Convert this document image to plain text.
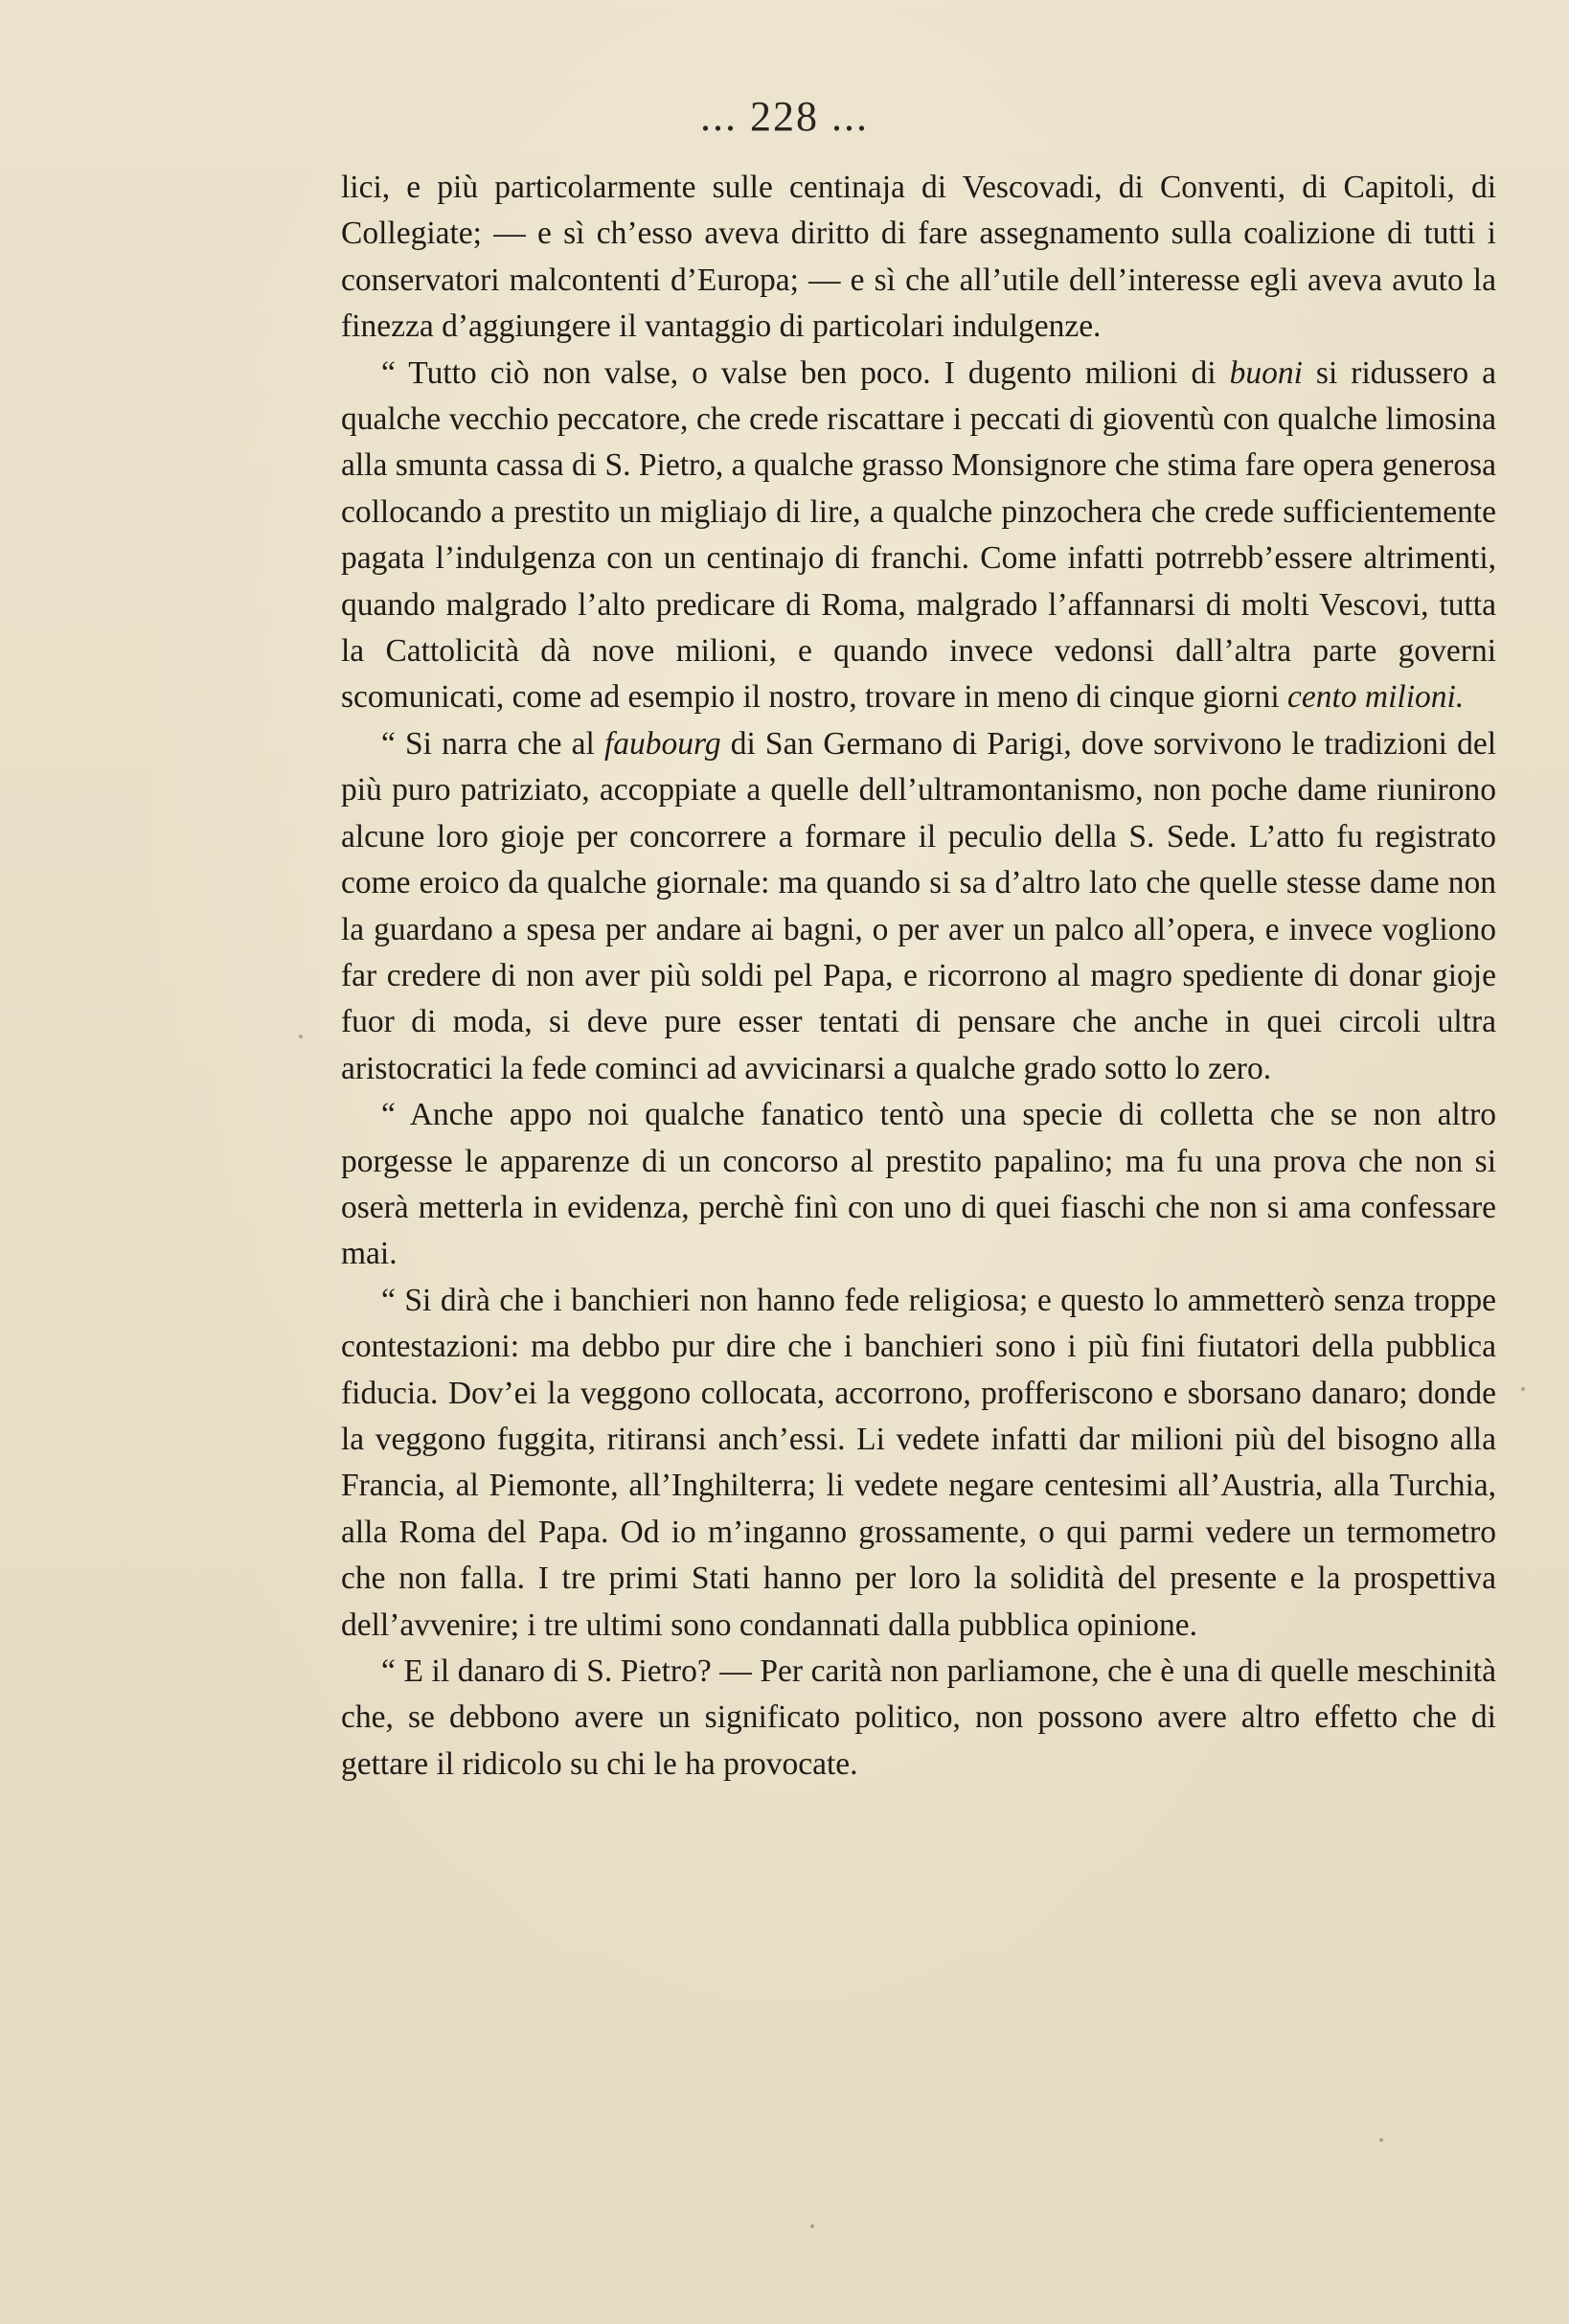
... 228 ...

lici, e più particolarmente sulle centinaja di Vescovadi, di Conventi, di Capitoli, di Collegiate; — e sì ch’esso aveva diritto di fare assegnamento sulla coalizione di tutti i conservatori malcontenti d’Europa; — e sì che all’utile dell’interesse egli aveva avuto la finezza d’aggiungere il vantaggio di particolari indulgenze.

“ Tutto ciò non valse, o valse ben poco. I dugento milioni di buoni si ridussero a qualche vecchio peccatore, che crede riscattare i peccati di gioventù con qualche limosina alla smunta cassa di S. Pietro, a qualche grasso Monsignore che stima fare opera generosa collocando a prestito un migliajo di lire, a qualche pinzochera che crede sufficientemente pagata l’indulgenza con un centinajo di franchi. Come infatti potrrebb’essere altrimenti, quando malgrado l’alto predicare di Roma, malgrado l’affannarsi di molti Vescovi, tutta la Cattolicità dà nove milioni, e quando invece vedonsi dall’altra parte governi scomunicati, come ad esempio il nostro, trovare in meno di cinque giorni cento milioni.

“ Si narra che al faubourg di San Germano di Parigi, dove sorvivono le tradizioni del più puro patriziato, accoppiate a quelle dell’ultramontanismo, non poche dame riunirono alcune loro gioje per concorrere a formare il peculio della S. Sede. L’atto fu registrato come eroico da qualche giornale: ma quando si sa d’altro lato che quelle stesse dame non la guardano a spesa per andare ai bagni, o per aver un palco all’opera, e invece vogliono far credere di non aver più soldi pel Papa, e ricorrono al magro spediente di donar gioje fuor di moda, si deve pure esser tentati di pensare che anche in quei circoli ultra aristocratici la fede cominci ad avvicinarsi a qualche grado sotto lo zero.

“ Anche appo noi qualche fanatico tentò una specie di colletta che se non altro porgesse le apparenze di un concorso al prestito papalino; ma fu una prova che non si oserà metterla in evidenza, perchè finì con uno di quei fiaschi che non si ama confessare mai.

“ Si dirà che i banchieri non hanno fede religiosa; e questo lo ammetterò senza troppe contestazioni: ma debbo pur dire che i banchieri sono i più fini fiutatori della pubblica fiducia. Dov’ei la veggono collocata, accorrono, profferiscono e sborsano danaro; donde la veggono fuggita, ritiransi anch’essi. Li vedete infatti dar milioni più del bisogno alla Francia, al Piemonte, all’Inghilterra; li vedete negare centesimi all’Austria, alla Turchia, alla Roma del Papa. Od io m’inganno grossamente, o qui parmi vedere un termometro che non falla. I tre primi Stati hanno per loro la solidità del presente e la prospettiva dell’avvenire; i tre ultimi sono condannati dalla pubblica opinione.

“ E il danaro di S. Pietro? — Per carità non parliamone, che è una di quelle meschinità che, se debbono avere un significato politico, non possono avere altro effetto che di gettare il ridicolo su chi le ha provocate.
